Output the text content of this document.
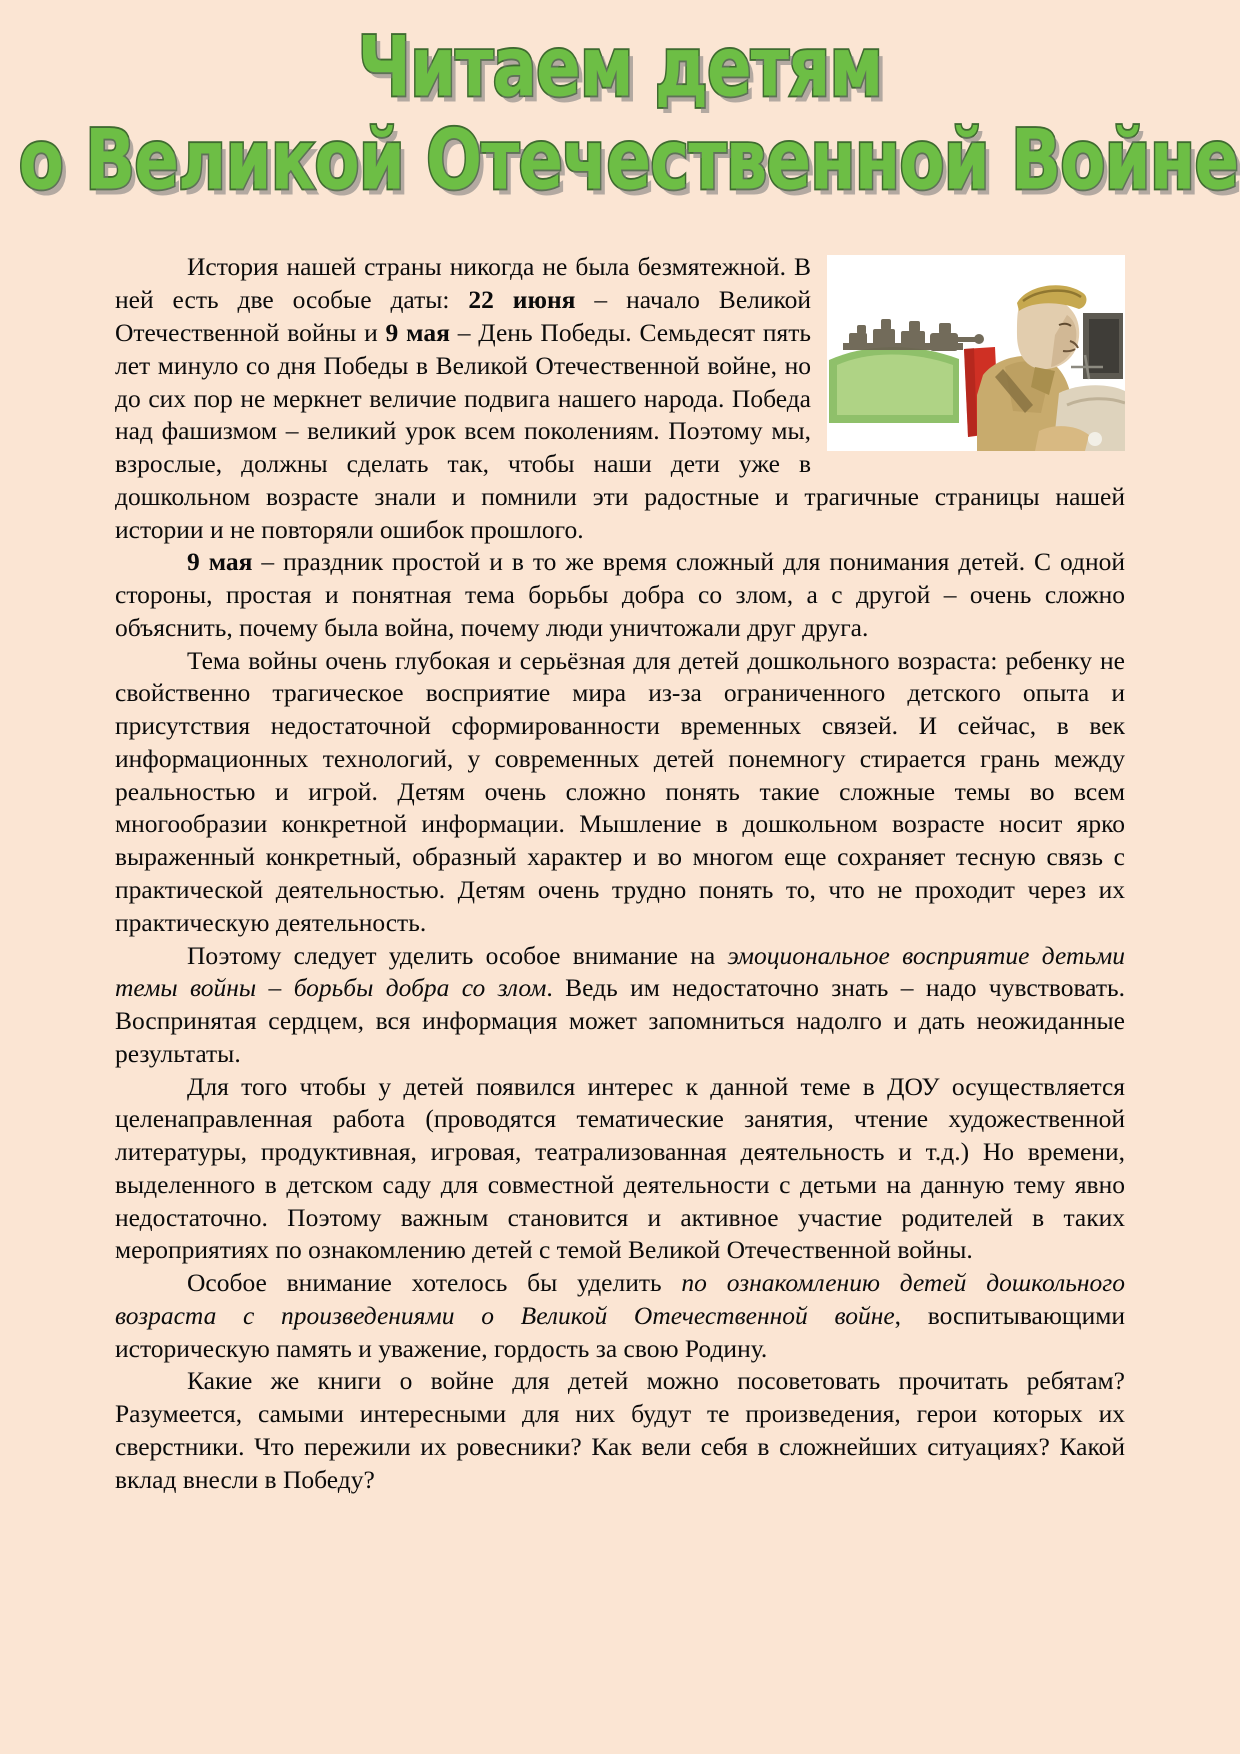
Читаем детям
о Великой Отечественной Войне

История нашей страны никогда не была безмятежной. В ней есть две особые даты: 22 июня – начало Великой Отечественной войны и 9 мая – День Победы. Семьдесят пять лет минуло со дня Победы в Великой Отечественной войне, но до сих пор не меркнет величие подвига нашего народа. Победа над фашизмом – великий урок всем поколениям. Поэтому мы, взрослые, должны сделать так, чтобы наши дети уже в дошкольном возрасте знали и помнили эти радостные и трагичные страницы нашей истории и не повторяли ошибок прошлого.

9 мая – праздник простой и в то же время сложный для понимания детей. С одной стороны, простая и понятная тема борьбы добра со злом, а с другой – очень сложно объяснить, почему была война, почему люди уничтожали друг друга.

Тема войны очень глубокая и серьёзная для детей дошкольного возраста: ребенку не свойственно трагическое восприятие мира из-за ограниченного детского опыта и присутствия недостаточной сформированности временных связей. И сейчас, в век информационных технологий, у современных детей понемногу стирается грань между реальностью и игрой. Детям очень сложно понять такие сложные темы во всем многообразии конкретной информации. Мышление в дошкольном возрасте носит ярко выраженный конкретный, образный характер и во многом еще сохраняет тесную связь с практической деятельностью. Детям очень трудно понять то, что не проходит через их практическую деятельность.

Поэтому следует уделить особое внимание на эмоциональное восприятие детьми темы войны – борьбы добра со злом. Ведь им недостаточно знать – надо чувствовать. Воспринятая сердцем, вся информация может запомниться надолго и дать неожиданные результаты.

Для того чтобы у детей появился интерес к данной теме в ДОУ осуществляется целенаправленная работа (проводятся тематические занятия, чтение художественной литературы, продуктивная, игровая, театрализованная деятельность и т.д.) Но времени, выделенного в детском саду для совместной деятельности с детьми на данную тему явно недостаточно. Поэтому важным становится и активное участие родителей в таких мероприятиях по ознакомлению детей с темой Великой Отечественной войны.

Особое внимание хотелось бы уделить по ознакомлению детей дошкольного возраста с произведениями о Великой Отечественной войне, воспитывающими историческую память и уважение, гордость за свою Родину.

Какие же книги о войне для детей можно посоветовать прочитать ребятам? Разумеется, самыми интересными для них будут те произведения, герои которых их сверстники. Что пережили их ровесники? Как вели себя в сложнейших ситуациях? Какой вклад внесли в Победу?
